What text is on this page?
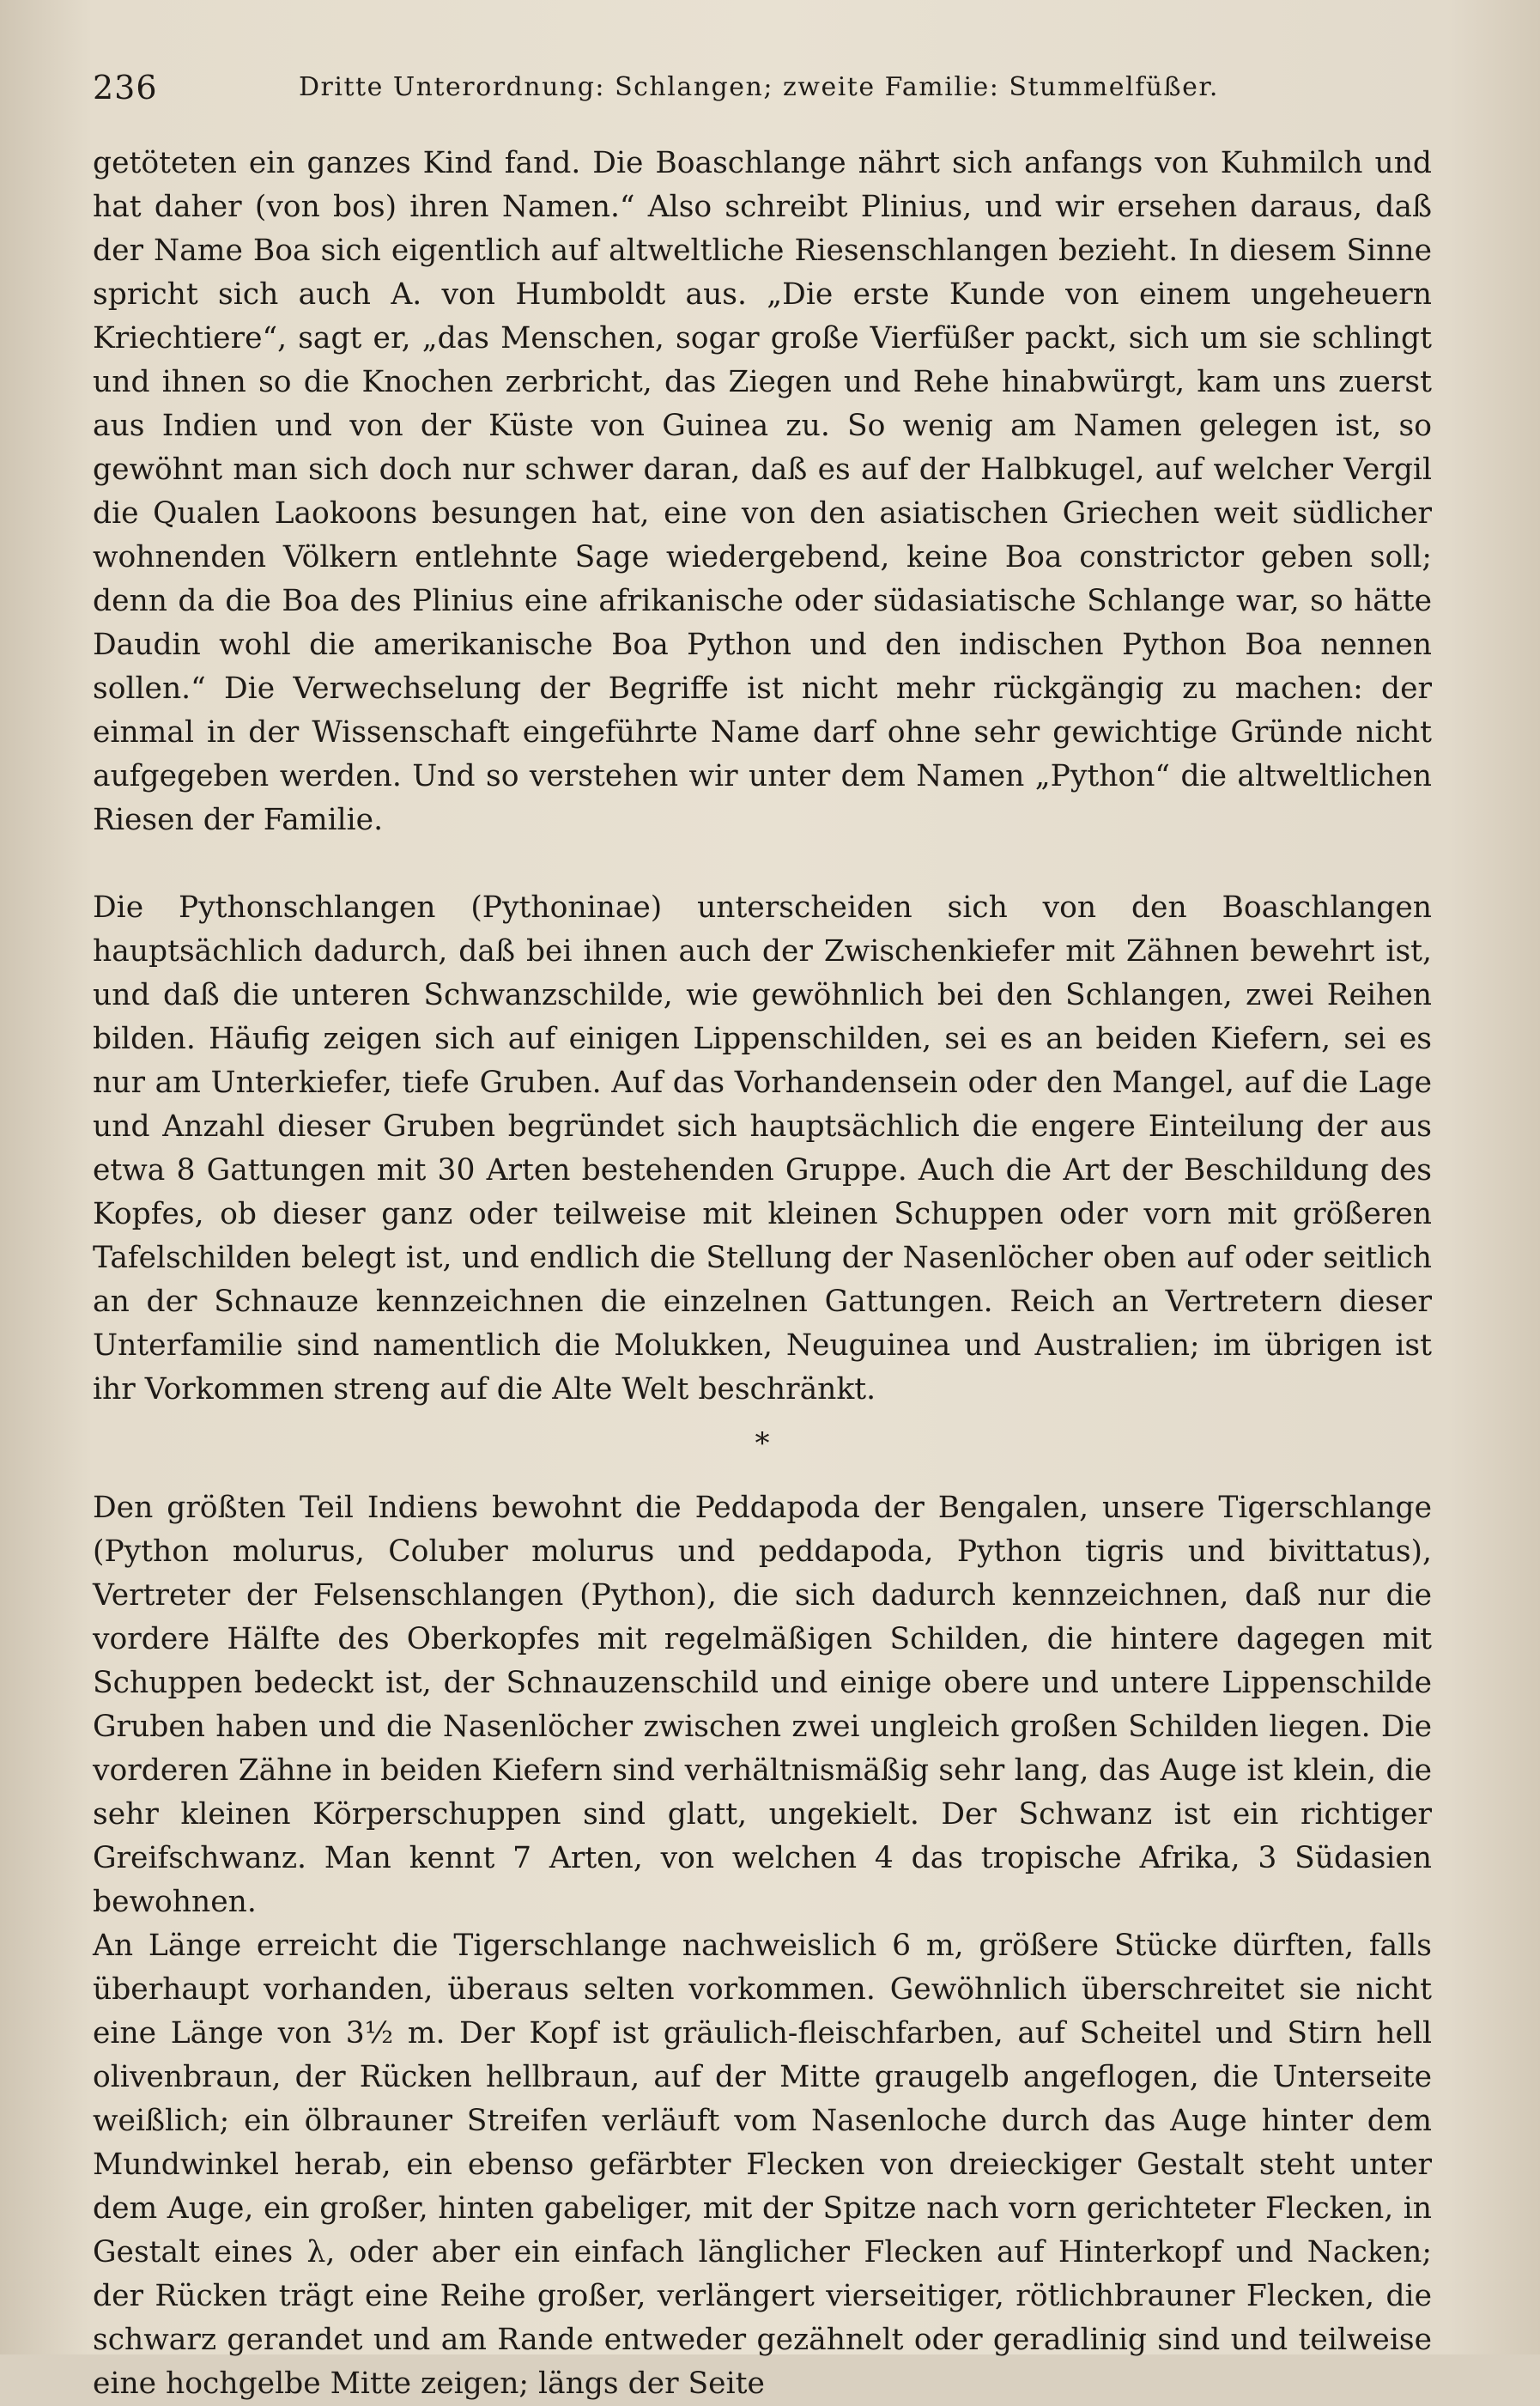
236	Dritte Unterordnung: Schlangen; zweite Familie: Stummelfüßer.

getöteten ein ganzes Kind fand. Die Boaschlange nährt sich anfangs von Kuhmilch und hat daher (von bos) ihren Namen.“ Also schreibt Plinius, und wir ersehen daraus, daß der Name Boa sich eigentlich auf altweltliche Riesenschlangen bezieht. In diesem Sinne spricht sich auch A. von Humboldt aus. „Die erste Kunde von einem ungeheuern Kriechtiere“, sagt er, „das Menschen, sogar große Vierfüßer packt, sich um sie schlingt und ihnen so die Knochen zerbricht, das Ziegen und Rehe hinabwürgt, kam uns zuerst aus Indien und von der Küste von Guinea zu. So wenig am Namen gelegen ist, so gewöhnt man sich doch nur schwer daran, daß es auf der Halbkugel, auf welcher Vergil die Qualen Laokoons besungen hat, eine von den asiatischen Griechen weit südlicher wohnenden Völkern entlehnte Sage wiedergebend, keine Boa constrictor geben soll; denn da die Boa des Plinius eine afrikanische oder südasiatische Schlange war, so hätte Daudin wohl die amerikanische Boa Python und den indischen Python Boa nennen sollen.“ Die Verwechselung der Begriffe ist nicht mehr rückgängig zu machen: der einmal in der Wissenschaft eingeführte Name darf ohne sehr gewichtige Gründe nicht aufgegeben werden. Und so verstehen wir unter dem Namen „Python“ die altweltlichen Riesen der Familie.

Die Pythonschlangen (Pythoninae) unterscheiden sich von den Boaschlangen hauptsächlich dadurch, daß bei ihnen auch der Zwischenkiefer mit Zähnen bewehrt ist, und daß die unteren Schwanzschilde, wie gewöhnlich bei den Schlangen, zwei Reihen bilden. Häufig zeigen sich auf einigen Lippenschilden, sei es an beiden Kiefern, sei es nur am Unterkiefer, tiefe Gruben. Auf das Vorhandensein oder den Mangel, auf die Lage und Anzahl dieser Gruben begründet sich hauptsächlich die engere Einteilung der aus etwa 8 Gattungen mit 30 Arten bestehenden Gruppe. Auch die Art der Beschildung des Kopfes, ob dieser ganz oder teilweise mit kleinen Schuppen oder vorn mit größeren Tafelschilden belegt ist, und endlich die Stellung der Nasenlöcher oben auf oder seitlich an der Schnauze kennzeichnen die einzelnen Gattungen. Reich an Vertretern dieser Unterfamilie sind namentlich die Molukken, Neuguinea und Australien; im übrigen ist ihr Vorkommen streng auf die Alte Welt beschränkt.

*

Den größten Teil Indiens bewohnt die Peddapoda der Bengalen, unsere Tigerschlange (Python molurus, Coluber molurus und peddapoda, Python tigris und bivittatus), Vertreter der Felsenschlangen (Python), die sich dadurch kennzeichnen, daß nur die vordere Hälfte des Oberkopfes mit regelmäßigen Schilden, die hintere dagegen mit Schuppen bedeckt ist, der Schnauzenschild und einige obere und untere Lippenschilde Gruben haben und die Nasenlöcher zwischen zwei ungleich großen Schilden liegen. Die vorderen Zähne in beiden Kiefern sind verhältnismäßig sehr lang, das Auge ist klein, die sehr kleinen Körperschuppen sind glatt, ungekielt. Der Schwanz ist ein richtiger Greifschwanz. Man kennt 7 Arten, von welchen 4 das tropische Afrika, 3 Südasien bewohnen.

An Länge erreicht die Tigerschlange nachweislich 6 m, größere Stücke dürften, falls überhaupt vorhanden, überaus selten vorkommen. Gewöhnlich überschreitet sie nicht eine Länge von 3½ m. Der Kopf ist gräulich-fleischfarben, auf Scheitel und Stirn hell olivenbraun, der Rücken hellbraun, auf der Mitte graugelb angeflogen, die Unterseite weißlich; ein ölbrauner Streifen verläuft vom Nasenloche durch das Auge hinter dem Mundwinkel herab, ein ebenso gefärbter Flecken von dreieckiger Gestalt steht unter dem Auge, ein großer, hinten gabeliger, mit der Spitze nach vorn gerichteter Flecken, in Gestalt eines λ, oder aber ein einfach länglicher Flecken auf Hinterkopf und Nacken; der Rücken trägt eine Reihe großer, verlängert vierseitiger, rötlichbrauner Flecken, die schwarz gerandet und am Rande entweder gezähnelt oder geradlinig sind und teilweise eine hochgelbe Mitte zeigen; längs der Seite
